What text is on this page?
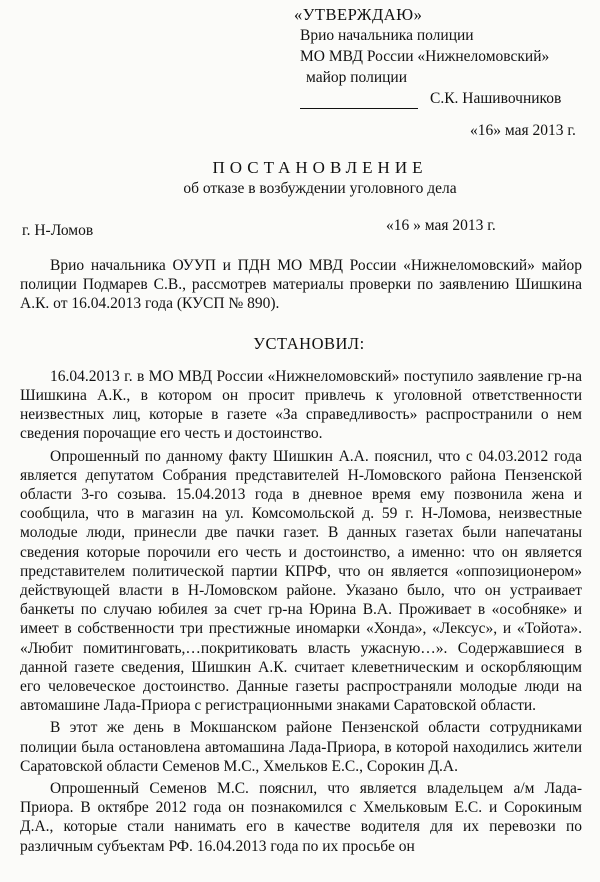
«УТВЕРЖДАЮ»
Врио начальника полиции
МО МВД России «Нижнеломовский»
майор полиции
С.К. Нашивочников
«16» мая 2013 г.
ПОСТАНОВЛЕНИЕ
об отказе в возбуждении уголовного дела
г. Н-Ломов	«16 » мая 2013 г.

Врио начальника ОУУП и ПДН МО МВД России «Нижнеломовский» майор полиции Подмарев С.В., рассмотрев материалы проверки по заявлению Шишкина А.К. от 16.04.2013 года (КУСП № 890).

УСТАНОВИЛ:

16.04.2013 г. в МО МВД России «Нижнеломовский» поступило заявление гр-на Шишкина А.К., в котором он просит привлечь к уголовной ответственности неизвестных лиц, которые в газете «За справедливость» распространили о нем сведения порочащие его честь и достоинство.

Опрошенный по данному факту Шишкин А.А. пояснил, что с 04.03.2012 года является депутатом Собрания представителей Н-Ломовского района Пензенской области 3-го созыва. 15.04.2013 года в дневное время ему позвонила жена и сообщила, что в магазин на ул. Комсомольской д. 59 г. Н-Ломова, неизвестные молодые люди, принесли две пачки газет. В данных газетах были напечатаны сведения которые порочили его честь и достоинство, а именно: что он является представителем политической партии КПРФ, что он является «оппозиционером» действующей власти в Н-Ломовском районе. Указано было, что он устраивает банкеты по случаю юбилея за счет гр-на Юрина В.А. Проживает в «особняке» и имеет в собственности три престижные иномарки «Хонда», «Лексус», и «Тойота». «Любит помитинговать,…покритиковать власть ужасную…». Содержавшиеся в данной газете сведения, Шишкин А.К. считает клеветническим и оскорбляющим его человеческое достоинство. Данные газеты распространяли молодые люди на автомашине Лада-Приора с регистрационными знаками Саратовской области.

В этот же день в Мокшанском районе Пензенской области сотрудниками полиции была остановлена автомашина Лада-Приора, в которой находились жители Саратовской области Семенов М.С., Хмельков Е.С., Сорокин Д.А.

Опрошенный Семенов М.С. пояснил, что является владельцем а/м Лада-Приора. В октябре 2012 года он познакомился с Хмельковым Е.С. и Сорокиным Д.А., которые стали нанимать его в качестве водителя для их перевозки по различным субъектам РФ. 16.04.2013 года по их просьбе он
